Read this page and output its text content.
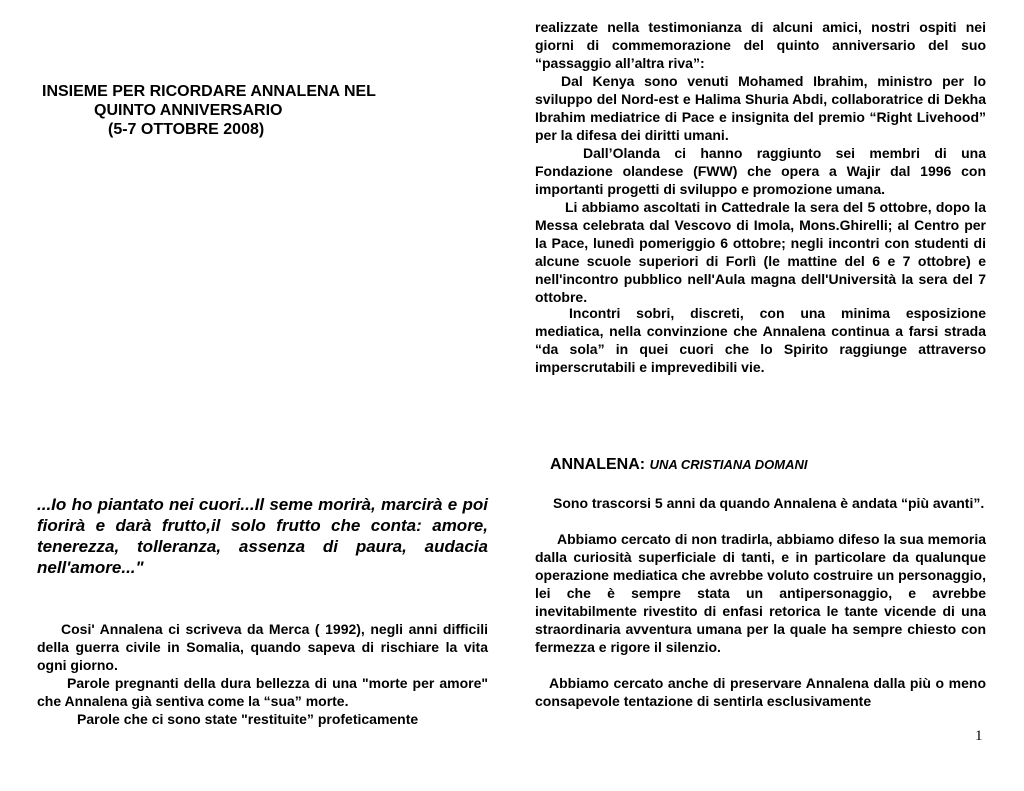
INSIEME PER RICORDARE ANNALENA NEL
QUINTO ANNIVERSARIO
(5-7 OTTOBRE 2008)

...Io ho piantato nei cuori...Il seme morirà, marcirà e poi fiorirà e darà frutto,il solo frutto che conta: amore, tenerezza, tolleranza, assenza di paura, audacia nell'amore..."

Cosi' Annalena ci scriveva da Merca ( 1992), negli anni difficili della guerra civile in Somalia, quando sapeva di rischiare la vita ogni giorno.

Parole pregnanti della dura bellezza di una "morte per amore" che Annalena già sentiva come la “sua” morte.

Parole che ci sono state "restituite” profeticamente

realizzate nella testimonianza di alcuni amici, nostri ospiti nei giorni di commemorazione del quinto anniversario del suo “passaggio all’altra riva”:

Dal Kenya sono venuti Mohamed Ibrahim, ministro per lo sviluppo del Nord-est e Halima Shuria Abdi, collaboratrice di Dekha Ibrahim mediatrice di Pace e insignita del premio “Right Livehood” per la difesa dei diritti umani.

Dall’Olanda ci hanno raggiunto sei membri di una Fondazione olandese (FWW) che opera a Wajir dal 1996 con importanti progetti di sviluppo e promozione umana.

Li abbiamo ascoltati in Cattedrale la sera del 5 ottobre, dopo la Messa celebrata dal Vescovo di Imola, Mons.Ghirelli; al Centro per la Pace, lunedì pomeriggio 6 ottobre; negli incontri con studenti di alcune scuole superiori di Forlì (le mattine del 6 e 7 ottobre) e nell'incontro pubblico nell'Aula magna dell'Università la sera del 7 ottobre.

Incontri sobri, discreti, con una minima esposizione mediatica, nella convinzione che Annalena continua a farsi strada “da sola” in quei cuori che lo Spirito raggiunge attraverso imperscrutabili e imprevedibili vie.

ANNALENA: UNA CRISTIANA DOMANI

Sono trascorsi 5 anni da quando Annalena è andata “più avanti”.

Abbiamo cercato di non tradirla, abbiamo difeso la sua memoria dalla curiosità superficiale di tanti, e in particolare da qualunque operazione mediatica che avrebbe voluto costruire un personaggio, lei che è sempre stata un antipersonaggio, e avrebbe inevitabilmente rivestito di enfasi retorica le tante vicende di una straordinaria avventura umana per la quale ha sempre chiesto con fermezza e rigore il silenzio.

Abbiamo cercato anche di preservare Annalena dalla più o meno consapevole tentazione di sentirla esclusivamente

1
